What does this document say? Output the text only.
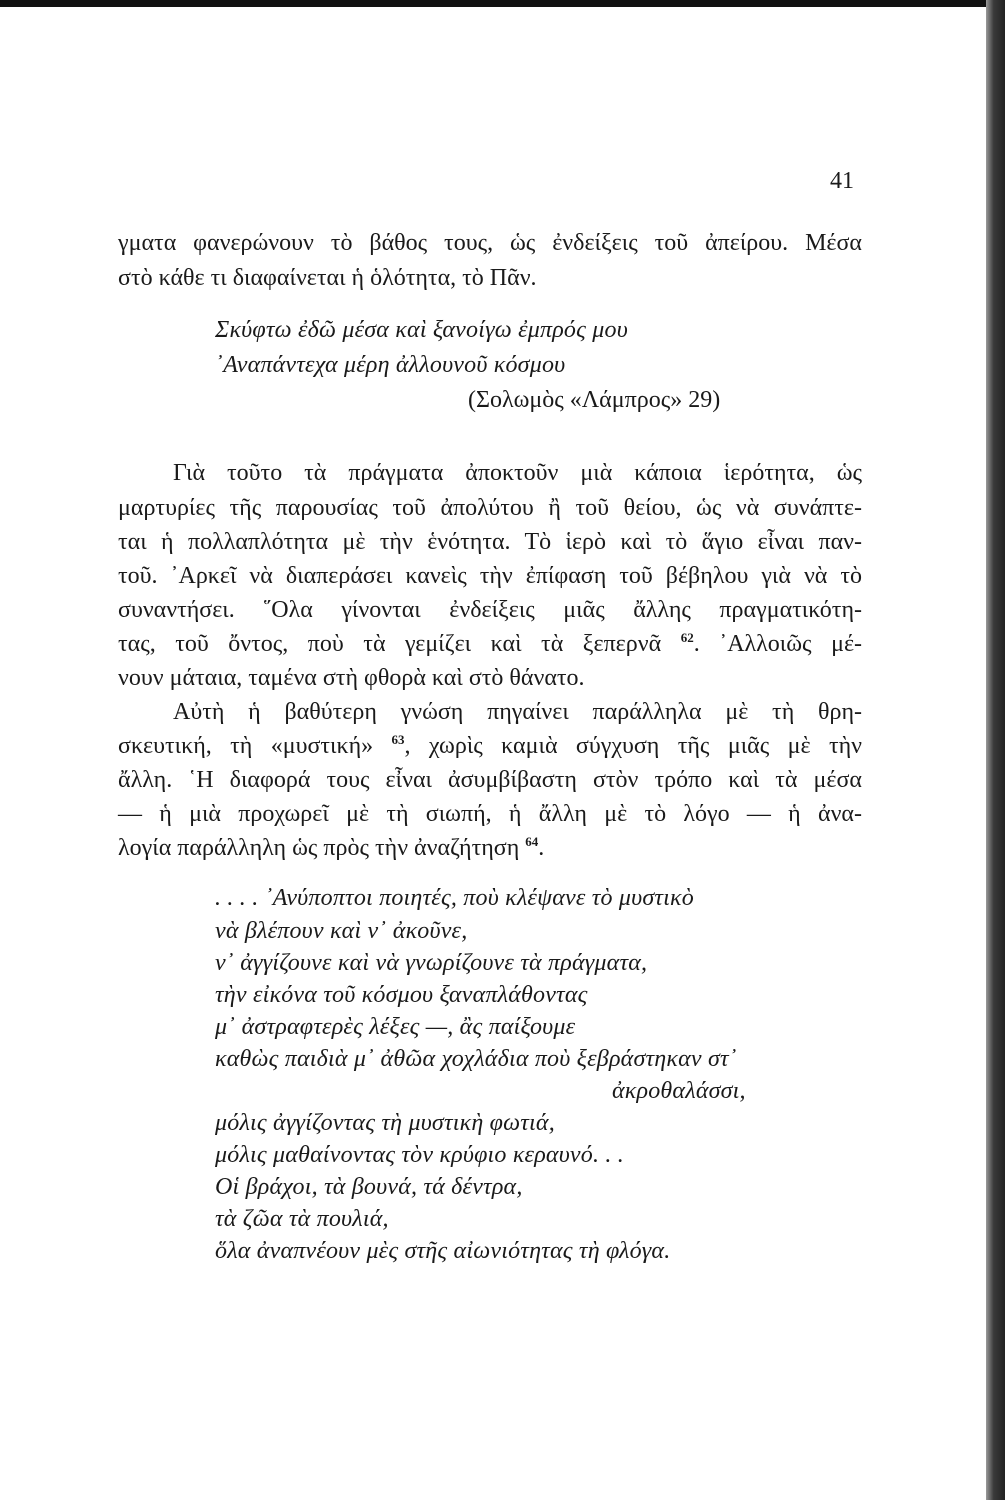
41
γματα φανερώνουν τὸ βάθος τους, ὡς ἐνδείξεις τοῦ ἀπείρου. Μέσα
στὸ κάθε τι διαφαίνεται ἡ ὁλότητα, τὸ Πᾶν.
Σκύφτω ἐδῶ μέσα καὶ ξανοίγω ἐμπρός μου
᾿Αναπάντεχα μέρη ἀλλουνοῦ κόσμου
(Σολωμὸς «Λάμπρος» 29)
Γιὰ τοῦτο τὰ πράγματα ἀποκτοῦν μιὰ κάποια ἱερότητα, ὡς
μαρτυρίες τῆς παρουσίας τοῦ ἀπολύτου ἢ τοῦ θείου, ὡς νὰ συνάπτε-
ται ἡ πολλαπλότητα μὲ τὴν ἑνότητα. Τὸ ἱερὸ καὶ τὸ ἅγιο εἶναι παν-
τοῦ. ᾿Αρκεῖ νὰ διαπεράσει κανεὶς τὴν ἐπίφαση τοῦ βέβηλου γιὰ νὰ τὸ
συναντήσει. ῞Ολα γίνονται ἐνδείξεις μιᾶς ἄλλης πραγματικότη-
τας, τοῦ ὄντος, ποὺ τὰ γεμίζει καὶ τὰ ξεπερνᾶ $^{62}$. ᾿Αλλοιῶς μέ-
νουν μάταια, ταμένα στὴ φθορὰ καὶ στὸ θάνατο.
Αὐτὴ ἡ βαθύτερη γνώση πηγαίνει παράλληλα μὲ τὴ θρη-
σκευτική, τὴ «μυστική» $^{63}$, χωρὶς καμιὰ σύγχυση τῆς μιᾶς μὲ τὴν
ἄλλη. ῾Η διαφορά τους εἶναι ἀσυμβίβαστη στὸν τρόπο καὶ τὰ μέσα
— ἡ μιὰ προχωρεῖ μὲ τὴ σιωπή, ἡ ἄλλη μὲ τὸ λόγο — ἡ ἀνα-
λογία παράλληλη ὡς πρὸς τὴν ἀναζήτηση $^{64}$.
. . . . ᾿Ανύποπτοι ποιητές, ποὺ κλέψανε τὸ μυστικὸ
νὰ βλέπουν καὶ ν᾿ ἀκοῦνε,
ν᾿ ἀγγίζουνε καὶ νὰ γνωρίζουνε τὰ πράγματα,
τὴν εἰκόνα τοῦ κόσμου ξαναπλάθοντας
μ᾿ ἀστραφτερὲς λέξες —, ἂς παίξουμε
καθὼς παιδιὰ μ᾿ ἀθῶα χοχλάδια ποὺ ξεβράστηκαν στ᾿
ἀκροθαλάσσι,
μόλις ἀγγίζοντας τὴ μυστικὴ φωτιά,
μόλις μαθαίνοντας τὸν κρύφιο κεραυνό. . .
Οἱ βράχοι, τὰ βουνά, τά δέντρα,
τὰ ζῶα τὰ πουλιά,
ὅλα ἀναπνέουν μὲς στῆς αἰωνιότητας τὴ φλόγα.
